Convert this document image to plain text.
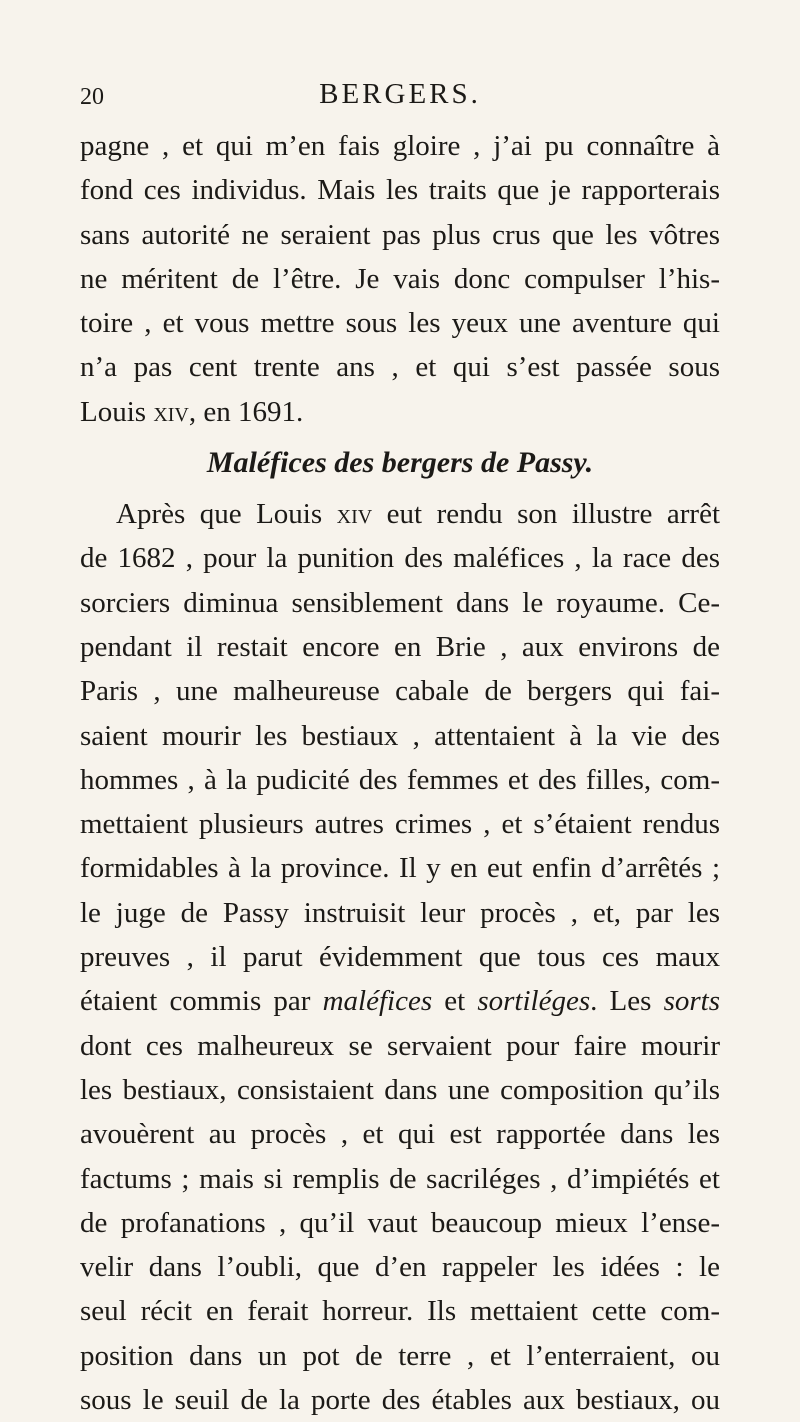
20	BERGERS.
pagne , et qui m’en fais gloire , j’ai pu connaître à
fond ces individus. Mais les traits que je rapporterais
sans autorité ne seraient pas plus crus que les vôtres
ne méritent de l’être. Je vais donc compulser l’his-
toire , et vous mettre sous les yeux une aventure qui
n’a pas cent trente ans , et qui s’est passée sous
Louis xiv, en 1691.
Maléfices des bergers de Passy.
Après que Louis xiv eut rendu son illustre arrêt
de 1682 , pour la punition des maléfices , la race des
sorciers diminua sensiblement dans le royaume. Ce-
pendant il restait encore en Brie , aux environs de
Paris , une malheureuse cabale de bergers qui fai-
saient mourir les bestiaux , attentaient à la vie des
hommes , à la pudicité des femmes et des filles, com-
mettaient plusieurs autres crimes , et s’étaient rendus
formidables à la province. Il y en eut enfin d’arrêtés ;
le juge de Passy instruisit leur procès , et, par les
preuves , il parut évidemment que tous ces maux
étaient commis par maléfices et sortiléges. Les sorts
dont ces malheureux se servaient pour faire mourir
les bestiaux, consistaient dans une composition qu’ils
avouèrent au procès , et qui est rapportée dans les
factums ; mais si remplis de sacriléges , d’impiétés et
de profanations , qu’il vaut beaucoup mieux l’ense-
velir dans l’oubli, que d’en rappeler les idées : le
seul récit en ferait horreur. Ils mettaient cette com-
position dans un pot de terre , et l’enterraient, ou
sous le seuil de la porte des étables aux bestiaux, ou
